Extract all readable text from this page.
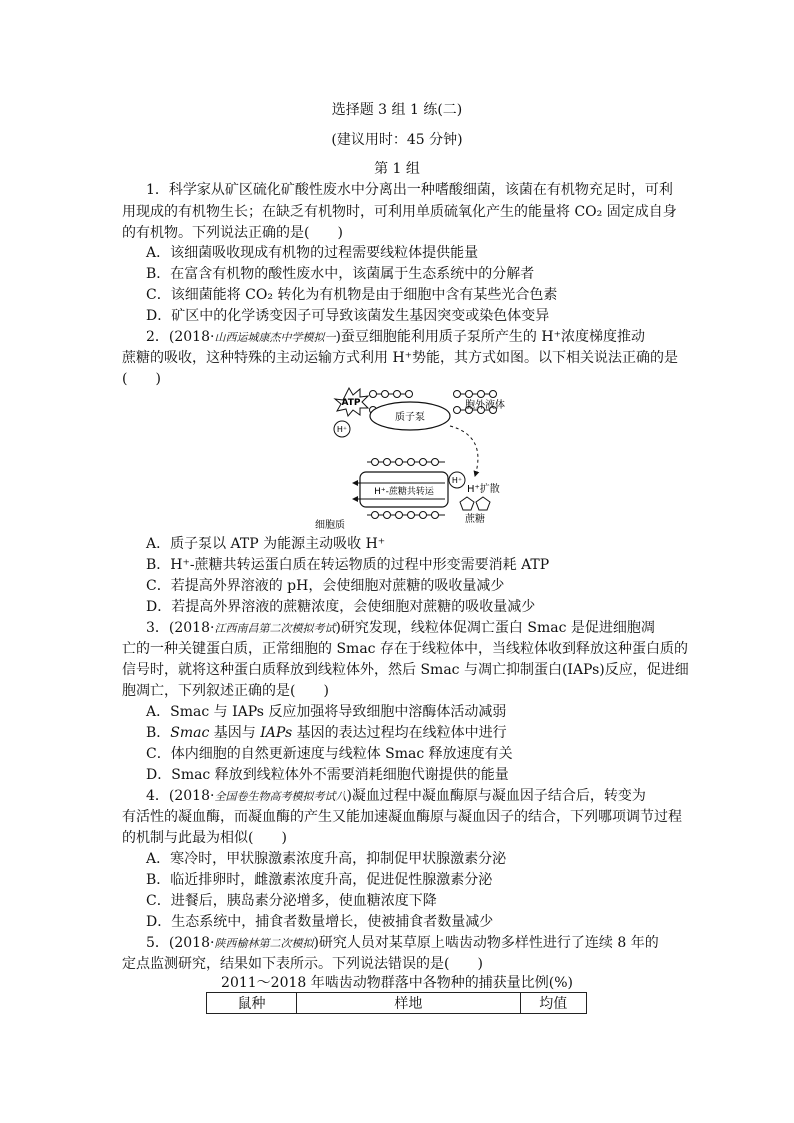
选择题 3 组 1 练(二)
(建议用时：45 分钟)
第 1 组
1．科学家从矿区硫化矿酸性废水中分离出一种嗜酸细菌，该菌在有机物充足时，可利
用现成的有机物生长；在缺乏有机物时，可利用单质硫氧化产生的能量将 CO₂ 固定成自身
的有机物。下列说法正确的是(　　)
A．该细菌吸收现成有机物的过程需要线粒体提供能量
B．在富含有机物的酸性废水中，该菌属于生态系统中的分解者
C．该细菌能将 CO₂ 转化为有机物是由于细胞中含有某些光合色素
D．矿区中的化学诱变因子可导致该菌发生基因突变或染色体变异
2．(2018·山西运城康杰中学模拟一)蚕豆细胞能利用质子泵所产生的 H⁺浓度梯度推动
蔗糖的吸收，这种特殊的主动运输方式利用 H⁺势能，其方式如图。以下相关说法正确的是
(　　)
质子泵
ATP
H⁺
胞外液体
H⁺-蔗糖共转运
H⁺
H⁺扩散
蔗糖
细胞质
A．质子泵以 ATP 为能源主动吸收 H⁺
B．H⁺-蔗糖共转运蛋白质在转运物质的过程中形变需要消耗 ATP
C．若提高外界溶液的 pH，会使细胞对蔗糖的吸收量减少
D．若提高外界溶液的蔗糖浓度，会使细胞对蔗糖的吸收量减少
3．(2018·江西南昌第二次模拟考试)研究发现，线粒体促凋亡蛋白 Smac 是促进细胞凋
亡的一种关键蛋白质，正常细胞的 Smac 存在于线粒体中，当线粒体收到释放这种蛋白质的
信号时，就将这种蛋白质释放到线粒体外，然后 Smac 与凋亡抑制蛋白(IAPs)反应，促进细
胞凋亡，下列叙述正确的是(　　)
A．Smac 与 IAPs 反应加强将导致细胞中溶酶体活动减弱
B．Smac 基因与 IAPs 基因的表达过程均在线粒体中进行
C．体内细胞的自然更新速度与线粒体 Smac 释放速度有关
D．Smac 释放到线粒体外不需要消耗细胞代谢提供的能量
4．(2018·全国卷生物高考模拟考试八)凝血过程中凝血酶原与凝血因子结合后，转变为
有活性的凝血酶，而凝血酶的产生又能加速凝血酶原与凝血因子的结合，下列哪项调节过程
的机制与此最为相似(　　)
A．寒冷时，甲状腺激素浓度升高，抑制促甲状腺激素分泌
B．临近排卵时，雌激素浓度升高，促进促性腺激素分泌
C．进餐后，胰岛素分泌增多，使血糖浓度下降
D．生态系统中，捕食者数量增长，使被捕食者数量减少
5．(2018·陕西榆林第二次模拟)研究人员对某草原上啮齿动物多样性进行了连续 8 年的
定点监测研究，结果如下表所示。下列说法错误的是(　　)
2011～2018 年啮齿动物群落中各物种的捕获量比例(%)
鼠种	样地	均值
